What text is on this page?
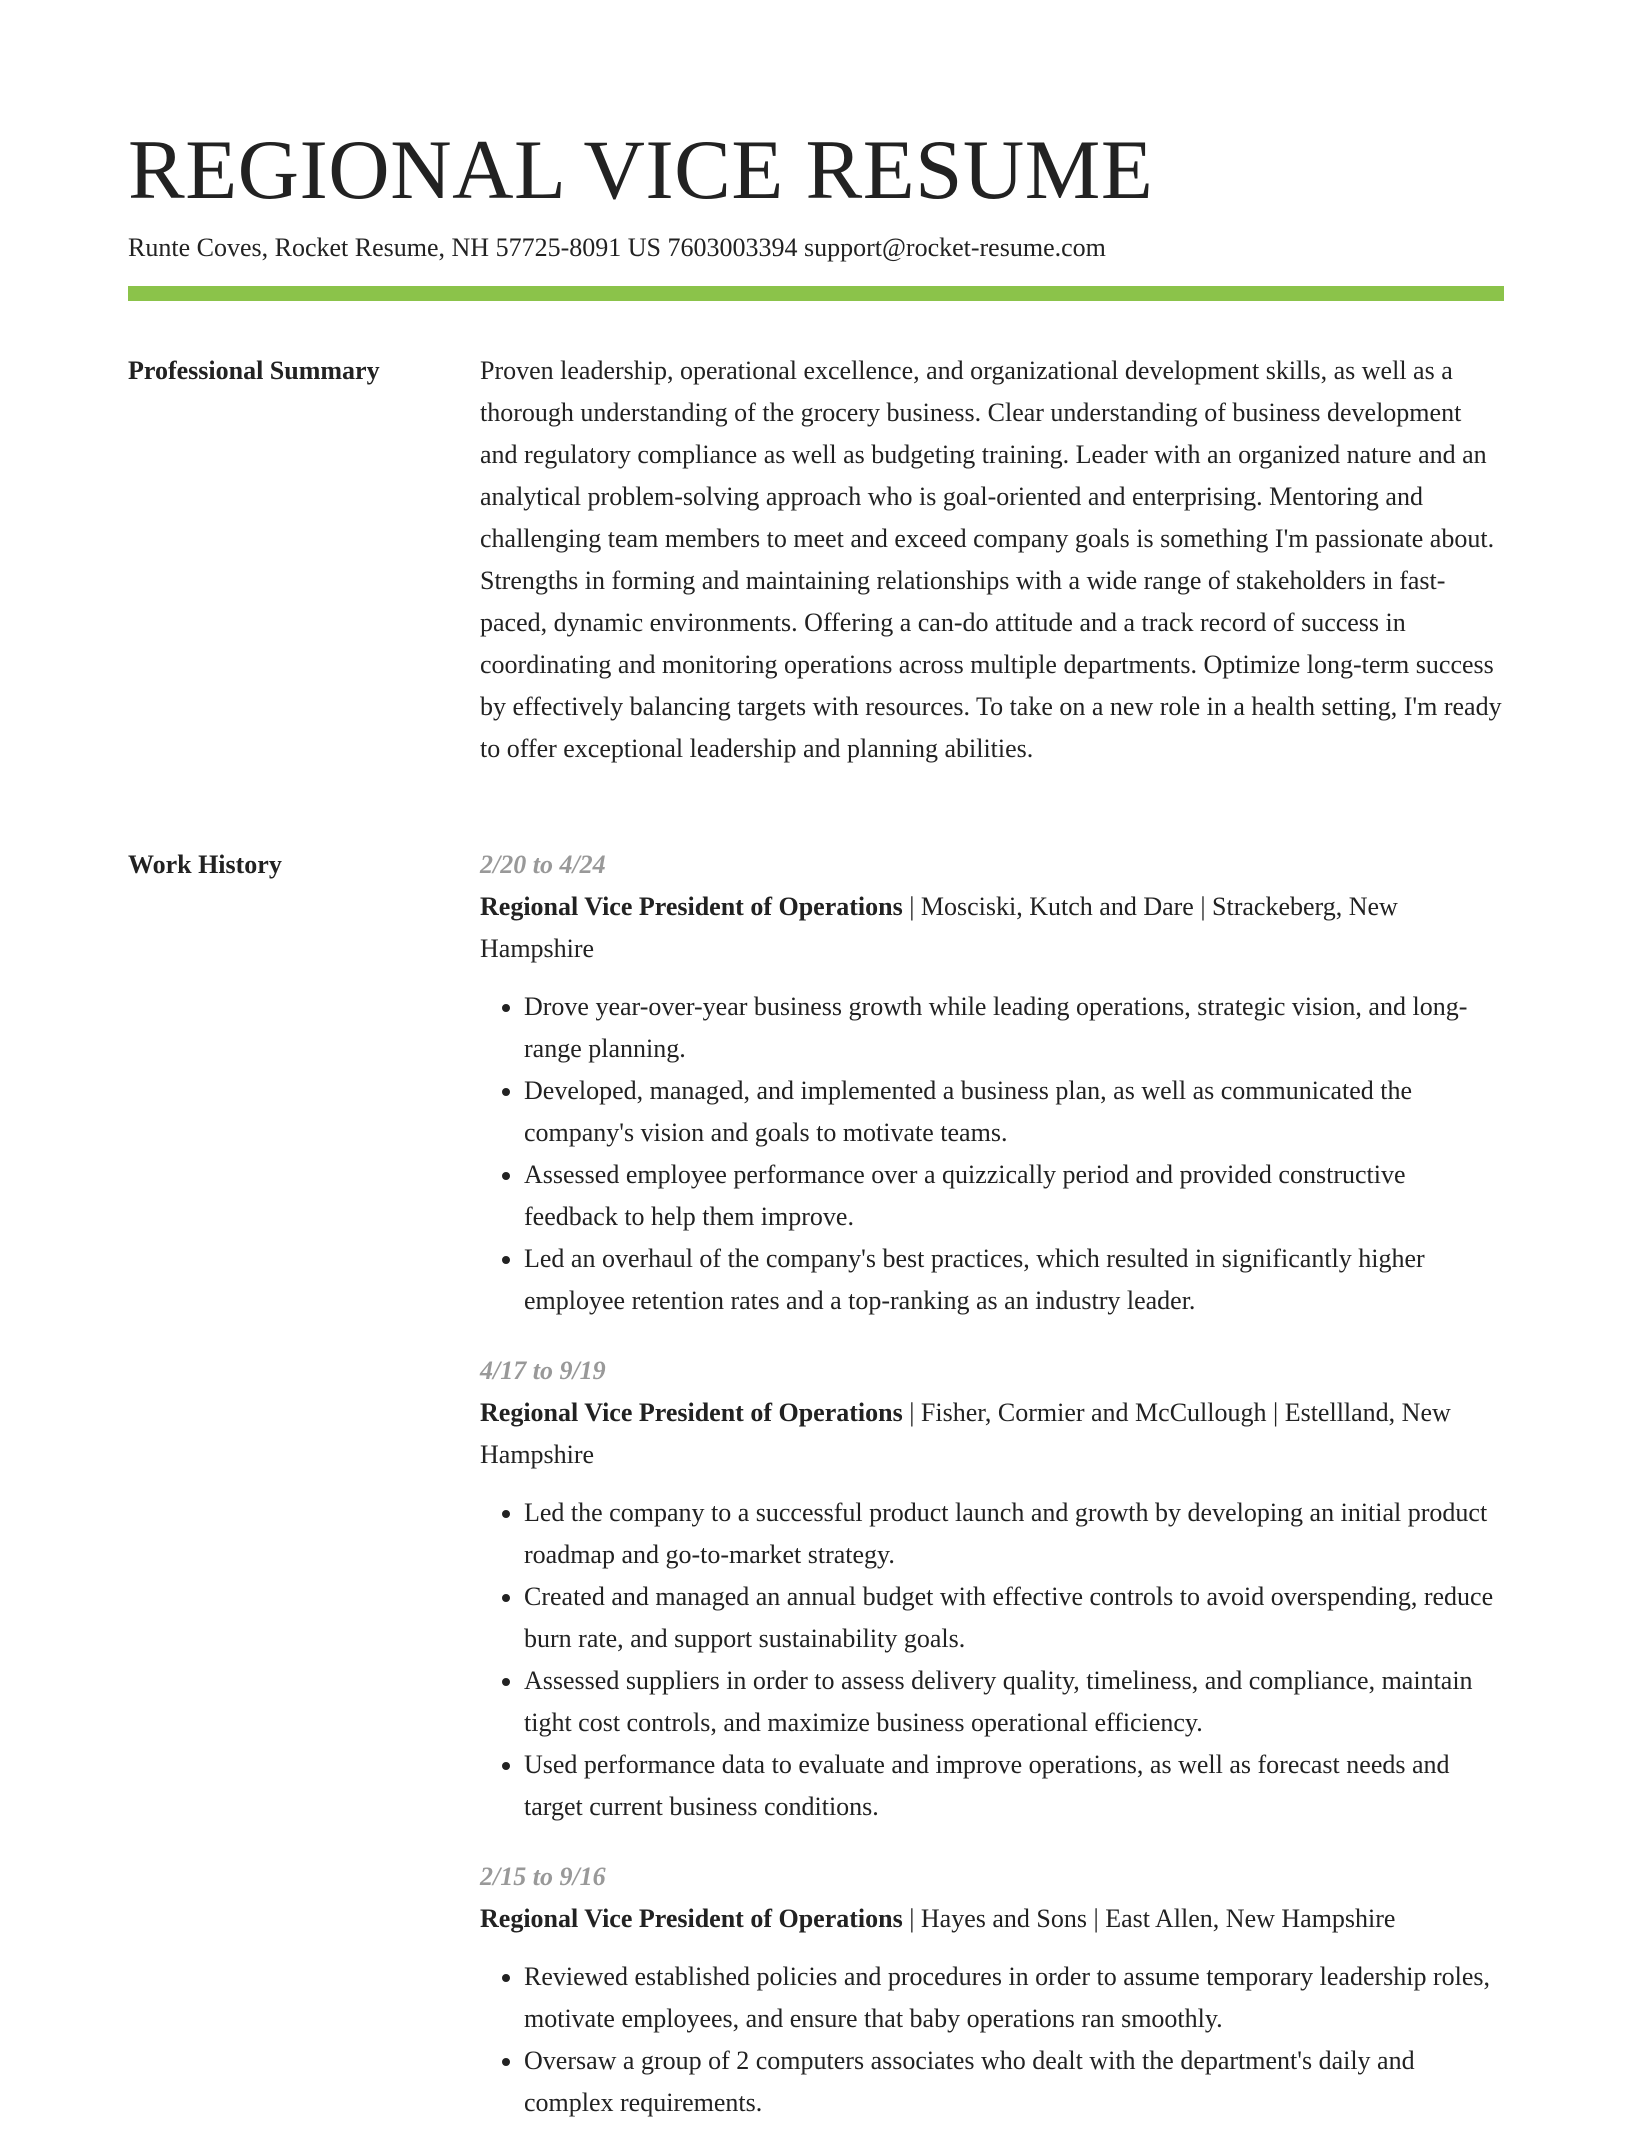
REGIONAL VICE RESUME
Runte Coves, Rocket Resume, NH 57725-8091 US 7603003394 support@rocket-resume.com
Professional Summary	Proven leadership, operational excellence, and organizational development skills, as well as a thorough understanding of the grocery business. Clear understanding of business development and regulatory compliance as well as budgeting training. Leader with an organized nature and an analytical problem-solving approach who is goal-oriented and enterprising. Mentoring and challenging team members to meet and exceed company goals is something I'm passionate about. Strengths in forming and maintaining relationships with a wide range of stakeholders in fast-paced, dynamic environments. Offering a can-do attitude and a track record of success in coordinating and monitoring operations across multiple departments. Optimize long-term success by effectively balancing targets with resources. To take on a new role in a health setting, I'm ready to offer exceptional leadership and planning abilities.

Work History	2/20 to 4/24
Regional Vice President of Operations | Mosciski, Kutch and Dare | Strackeberg, New Hampshire
• Drove year-over-year business growth while leading operations, strategic vision, and long-range planning.
• Developed, managed, and implemented a business plan, as well as communicated the company's vision and goals to motivate teams.
• Assessed employee performance over a quizzically period and provided constructive feedback to help them improve.
• Led an overhaul of the company's best practices, which resulted in significantly higher employee retention rates and a top-ranking as an industry leader.
4/17 to 9/19
Regional Vice President of Operations | Fisher, Cormier and McCullough | Estellland, New Hampshire
• Led the company to a successful product launch and growth by developing an initial product roadmap and go-to-market strategy.
• Created and managed an annual budget with effective controls to avoid overspending, reduce burn rate, and support sustainability goals.
• Assessed suppliers in order to assess delivery quality, timeliness, and compliance, maintain tight cost controls, and maximize business operational efficiency.
• Used performance data to evaluate and improve operations, as well as forecast needs and target current business conditions.
2/15 to 9/16
Regional Vice President of Operations | Hayes and Sons | East Allen, New Hampshire
• Reviewed established policies and procedures in order to assume temporary leadership roles, motivate employees, and ensure that baby operations ran smoothly.
• Oversaw a group of 2 computers associates who dealt with the department's daily and complex requirements.
